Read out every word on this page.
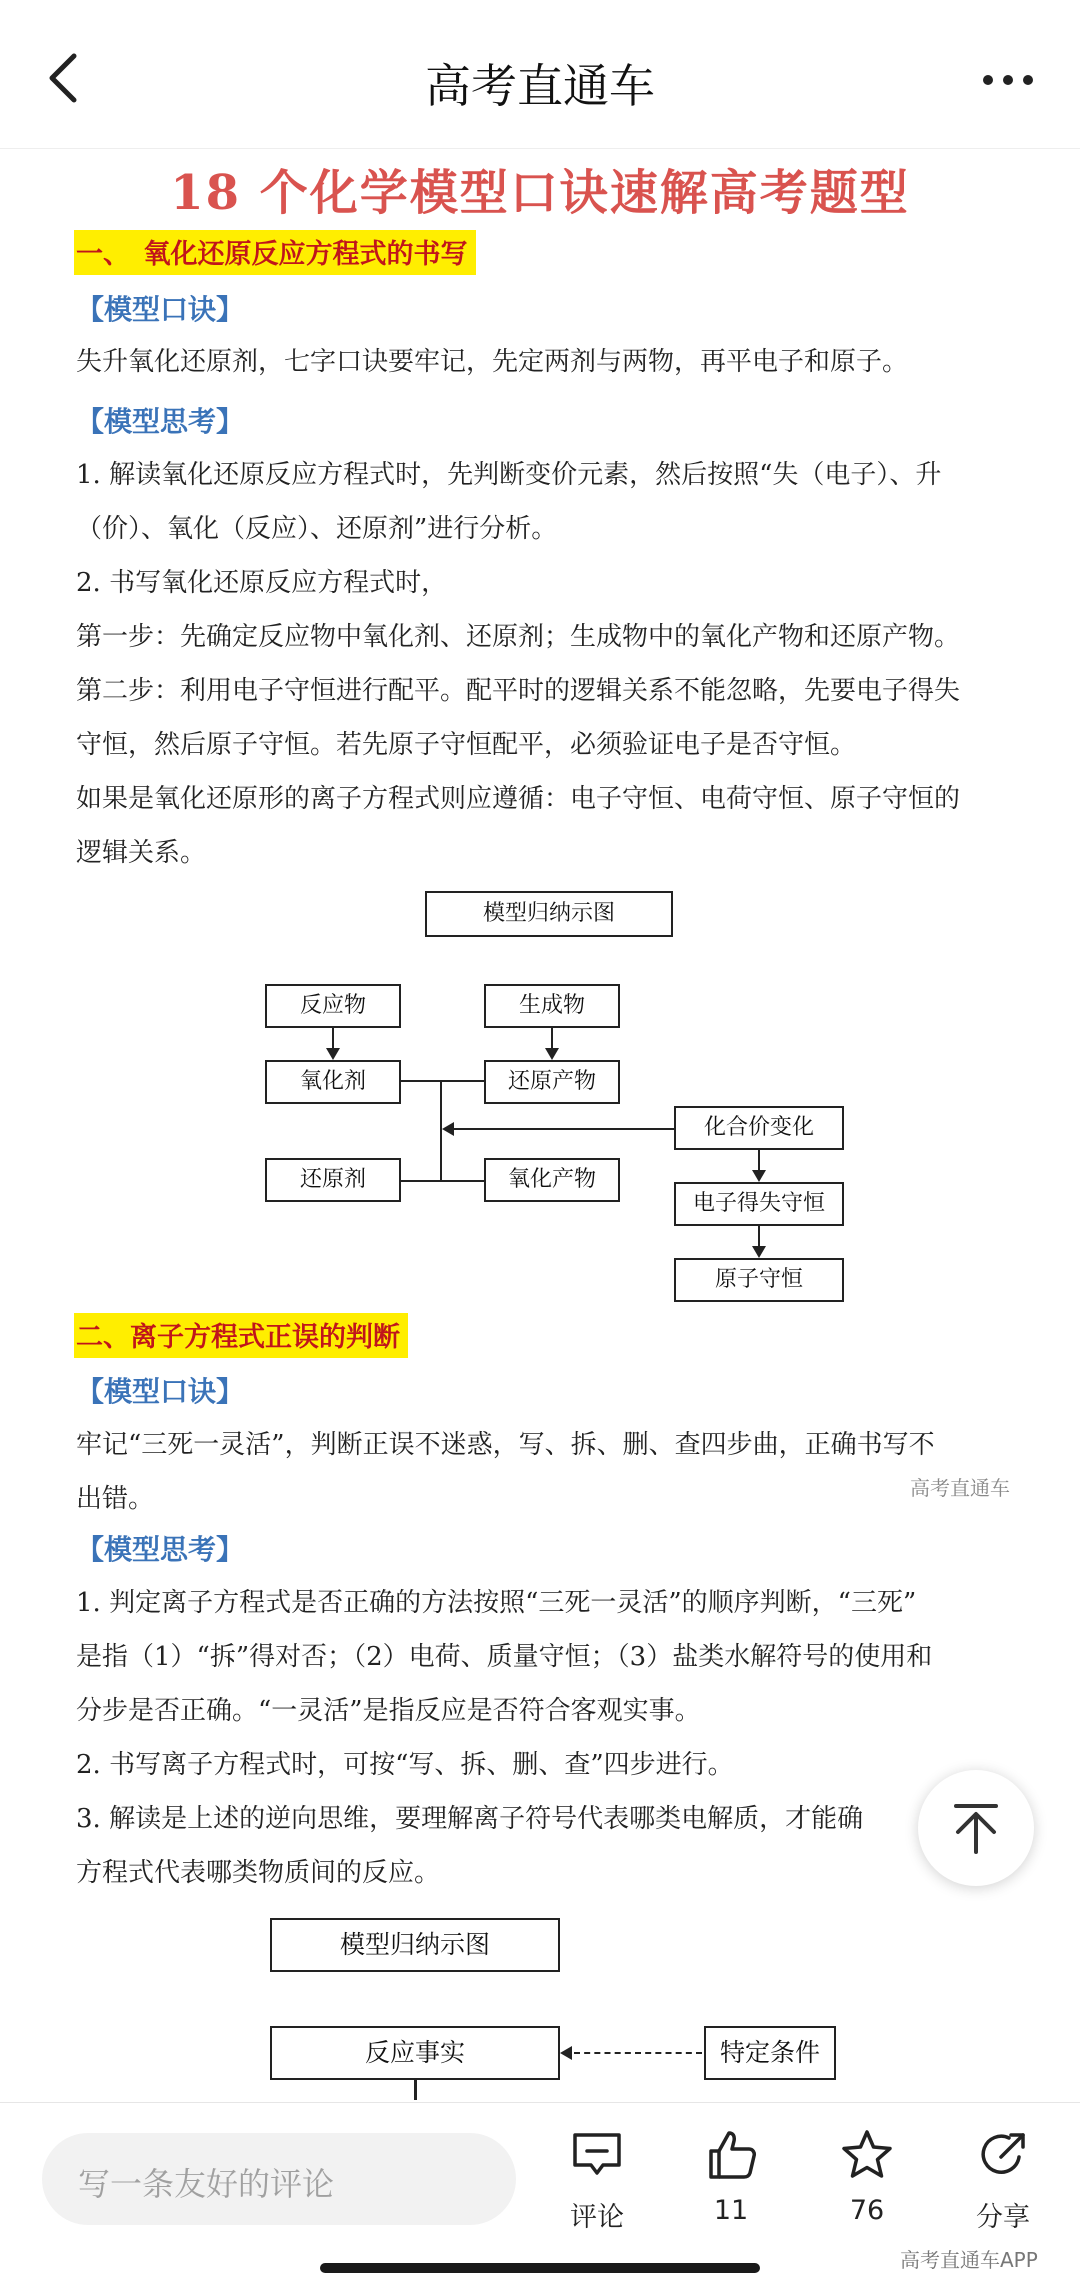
高考直通车
18 个化学模型口诀速解高考题型
一、　氧化还原反应方程式的书写
【模型口诀】
失升氧化还原剂，七字口诀要牢记，先定两剂与两物，再平电子和原子。
【模型思考】
1. 解读氧化还原反应方程式时，先判断变价元素，然后按照“失（电子）、升
（价）、氧化（反应）、还原剂”进行分析。
2. 书写氧化还原反应方程式时，
第一步：先确定反应物中氧化剂、还原剂；生成物中的氧化产物和还原产物。
第二步：利用电子守恒进行配平。配平时的逻辑关系不能忽略，先要电子得失
守恒，然后原子守恒。若先原子守恒配平，必须验证电子是否守恒。
如果是氧化还原形的离子方程式则应遵循：电子守恒、电荷守恒、原子守恒的
逻辑关系。
模型归纳示图
反应物
氧化剂
生成物
还原产物
还原剂	氧化产物
化合价变化
电子得失守恒
原子守恒
二、离子方程式正误的判断
【模型口诀】
牢记“三死一灵活”，判断正误不迷惑，写、拆、删、查四步曲，正确书写不
出错。	高考直通车
【模型思考】
1. 判定离子方程式是否正确的方法按照“三死一灵活”的顺序判断，“三死”
是指（1）“拆”得对否；（2）电荷、质量守恒；（3）盐类水解符号的使用和
分步是否正确。“一灵活”是指反应是否符合客观实事。
2. 书写离子方程式时，可按“写、拆、删、查”四步进行。
3. 解读是上述的逆向思维，要理解离子符号代表哪类电解质，才能确
方程式代表哪类物质间的反应。
模型归纳示图
反应事实	特定条件
写一条友好的评论
评论	11	76	分享
高考直通车APP
